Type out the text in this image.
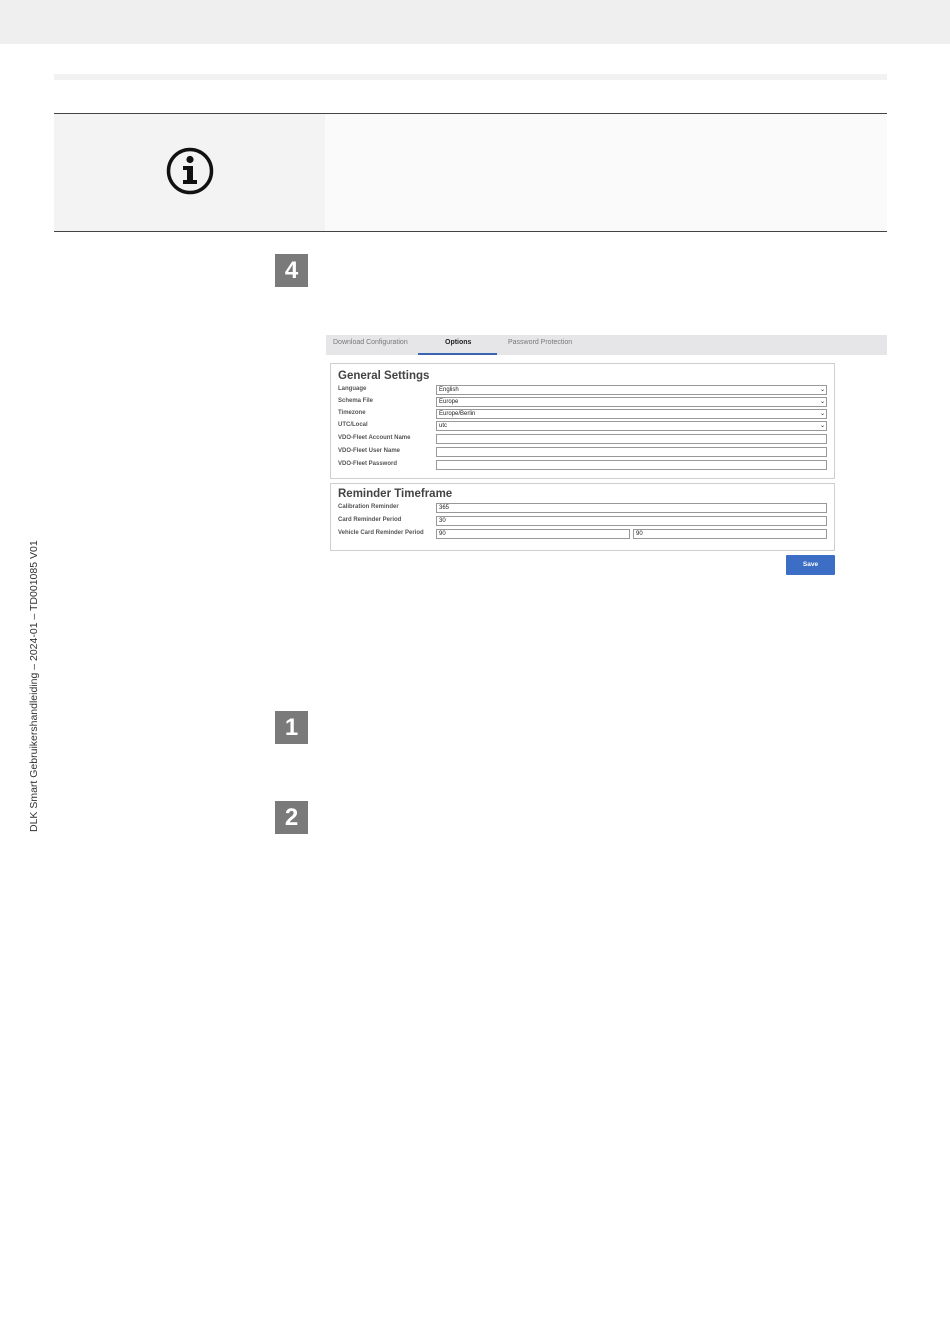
4
Download Configuration	Options	Password Protection
General Settings
Language	English	⌄
Schema File	Europe	⌄
Timezone	Europe/Berlin	⌄
UTC/Local	utc	⌄
VDO-Fleet Account Name
VDO-Fleet User Name
VDO-Fleet Password
Reminder Timeframe
Calibration Reminder	365
Card Reminder Period	30
Vehicle Card Reminder Period	90	90
Save
1
2
DLK Smart Gebruikershandleiding – 2024-01 – TD001085 V01
